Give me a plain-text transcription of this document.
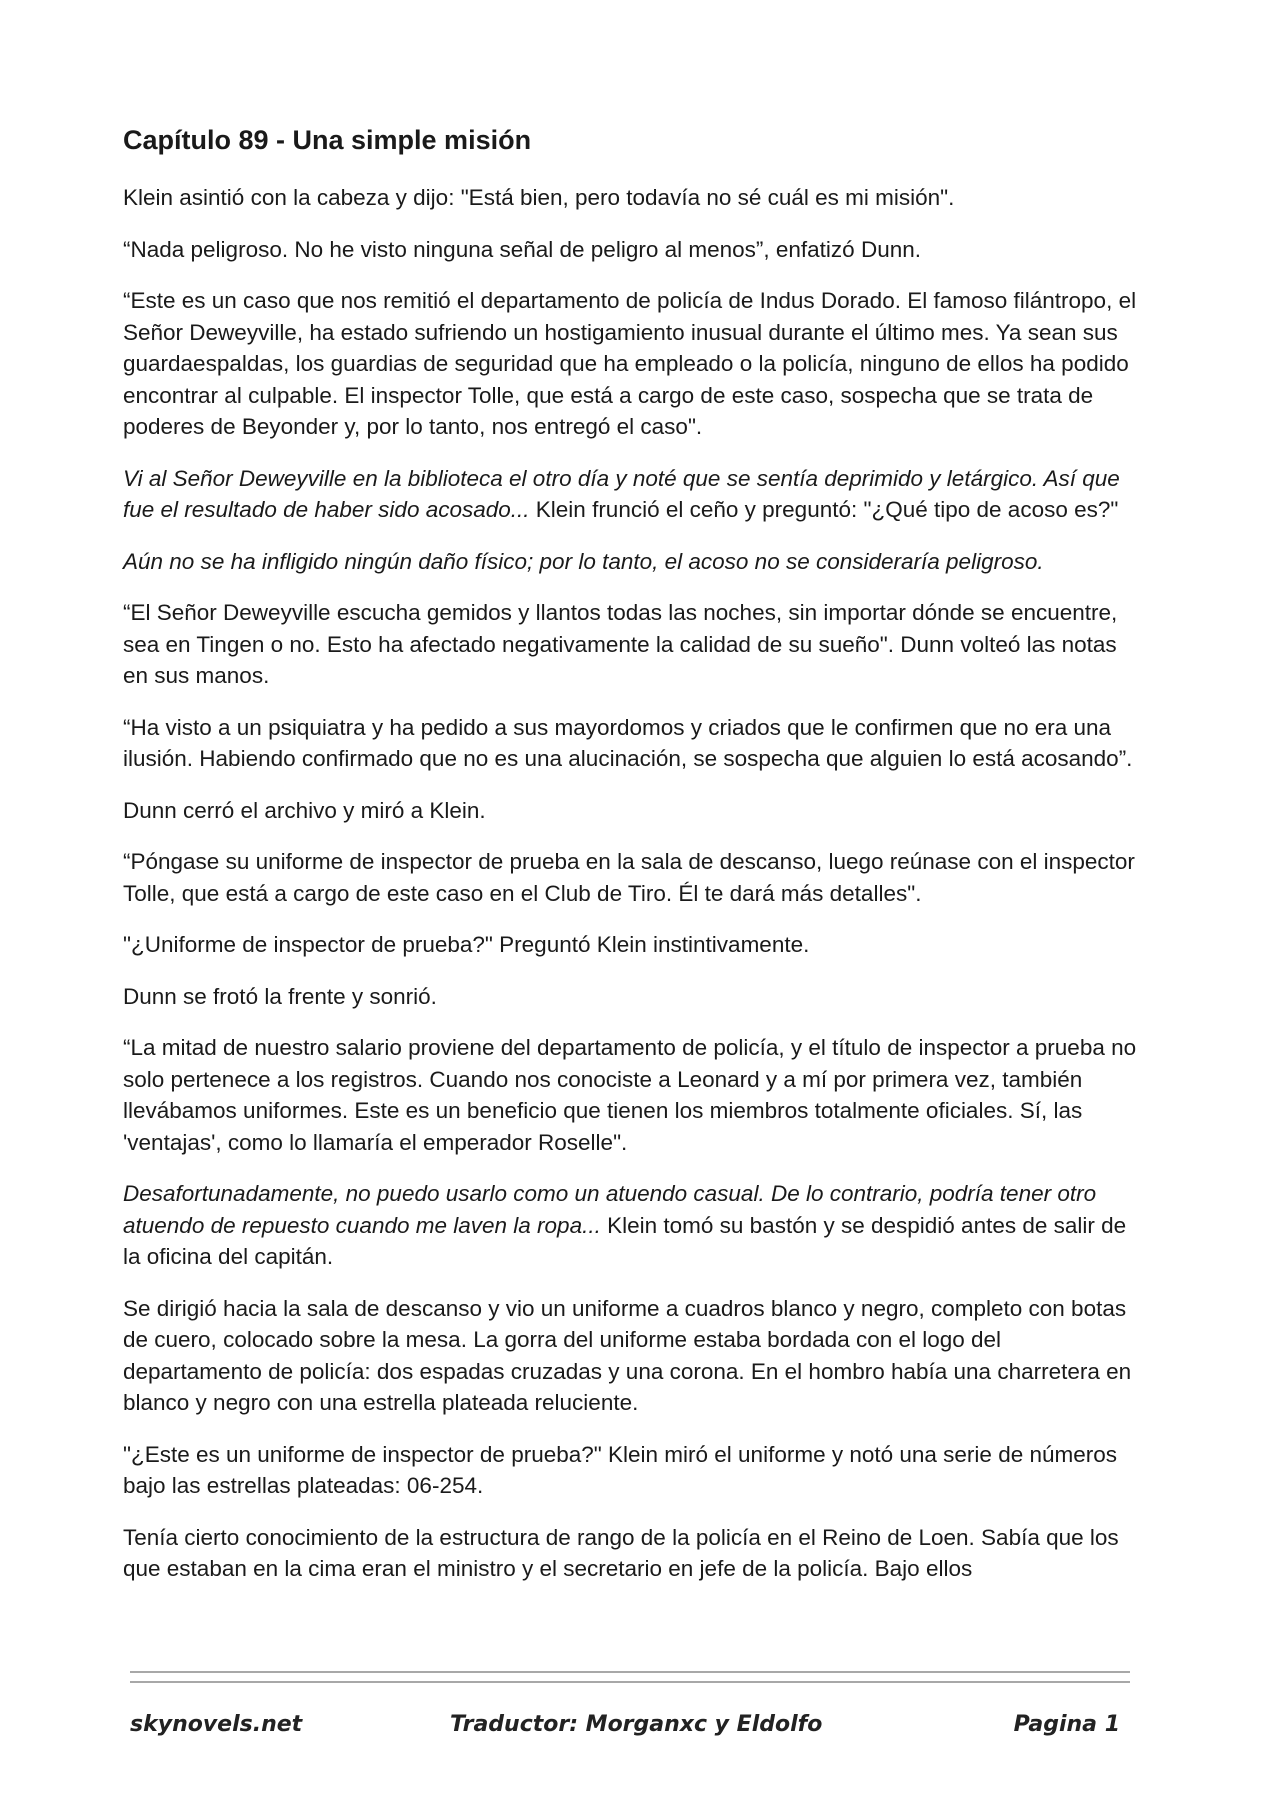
Capítulo 89 - Una simple misión

Klein asintió con la cabeza y dijo: "Está bien, pero todavía no sé cuál es mi misión".

“Nada peligroso. No he visto ninguna señal de peligro al menos”, enfatizó Dunn.

“Este es un caso que nos remitió el departamento de policía de Indus Dorado. El famoso filántropo, el Señor Deweyville, ha estado sufriendo un hostigamiento inusual durante el último mes. Ya sean sus guardaespaldas, los guardias de seguridad que ha empleado o la policía, ninguno de ellos ha podido encontrar al culpable. El inspector Tolle, que está a cargo de este caso, sospecha que se trata de poderes de Beyonder y, por lo tanto, nos entregó el caso".

Vi al Señor Deweyville en la biblioteca el otro día y noté que se sentía deprimido y letárgico. Así que fue el resultado de haber sido acosado... Klein frunció el ceño y preguntó: "¿Qué tipo de acoso es?"

Aún no se ha infligido ningún daño físico; por lo tanto, el acoso no se consideraría peligroso.

“El Señor Deweyville escucha gemidos y llantos todas las noches, sin importar dónde se encuentre, sea en Tingen o no. Esto ha afectado negativamente la calidad de su sueño". Dunn volteó las notas en sus manos.

“Ha visto a un psiquiatra y ha pedido a sus mayordomos y criados que le confirmen que no era una ilusión. Habiendo confirmado que no es una alucinación, se sospecha que alguien lo está acosando”.

Dunn cerró el archivo y miró a Klein.

“Póngase su uniforme de inspector de prueba en la sala de descanso, luego reúnase con el inspector Tolle, que está a cargo de este caso en el Club de Tiro. Él te dará más detalles".

"¿Uniforme de inspector de prueba?" Preguntó Klein instintivamente.

Dunn se frotó la frente y sonrió.

“La mitad de nuestro salario proviene del departamento de policía, y el título de inspector a prueba no solo pertenece a los registros. Cuando nos conociste a Leonard y a mí por primera vez, también llevábamos uniformes. Este es un beneficio que tienen los miembros totalmente oficiales. Sí, las 'ventajas', como lo llamaría el emperador Roselle".

Desafortunadamente, no puedo usarlo como un atuendo casual. De lo contrario, podría tener otro atuendo de repuesto cuando me laven la ropa... Klein tomó su bastón y se despidió antes de salir de la oficina del capitán.

Se dirigió hacia la sala de descanso y vio un uniforme a cuadros blanco y negro, completo con botas de cuero, colocado sobre la mesa. La gorra del uniforme estaba bordada con el logo del departamento de policía: dos espadas cruzadas y una corona. En el hombro había una charretera en blanco y negro con una estrella plateada reluciente.

"¿Este es un uniforme de inspector de prueba?" Klein miró el uniforme y notó una serie de números bajo las estrellas plateadas: 06-254.

Tenía cierto conocimiento de la estructura de rango de la policía en el Reino de Loen. Sabía que los que estaban en la cima eran el ministro y el secretario en jefe de la policía. Bajo ellos

skynovels.net	Traductor: Morganxc y Eldolfo	Pagina 1
